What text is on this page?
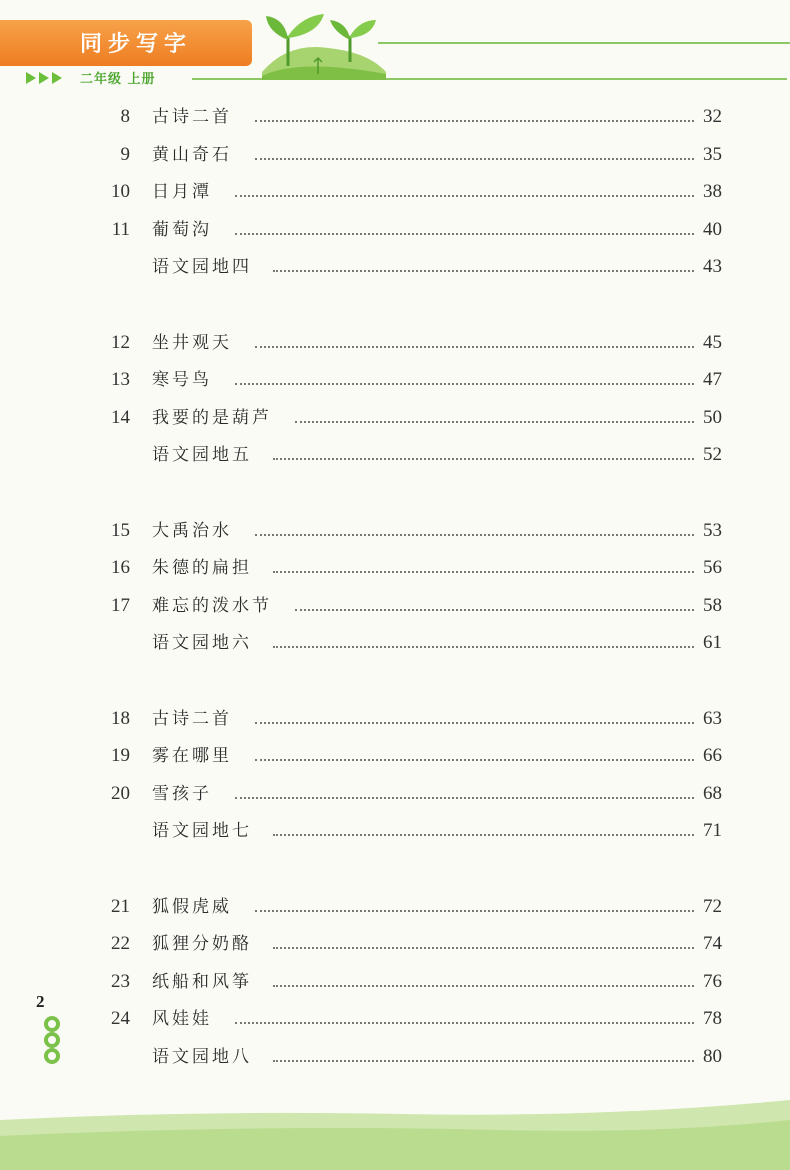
同步写字
二年级 上册
8 古诗二首	32
9 黄山奇石	35
10 日月潭	38
11 葡萄沟	40
语文园地四	43
12 坐井观天	45
13 寒号鸟	47
14 我要的是葫芦	50
语文园地五	52
15 大禹治水	53
16 朱德的扁担	56
17 难忘的泼水节	58
语文园地六	61
18 古诗二首	63
19 雾在哪里	66
20 雪孩子	68
语文园地七	71
21 狐假虎威	72
22 狐狸分奶酪	74
23 纸船和风筝	76
24 风娃娃	78
语文园地八	80
2
